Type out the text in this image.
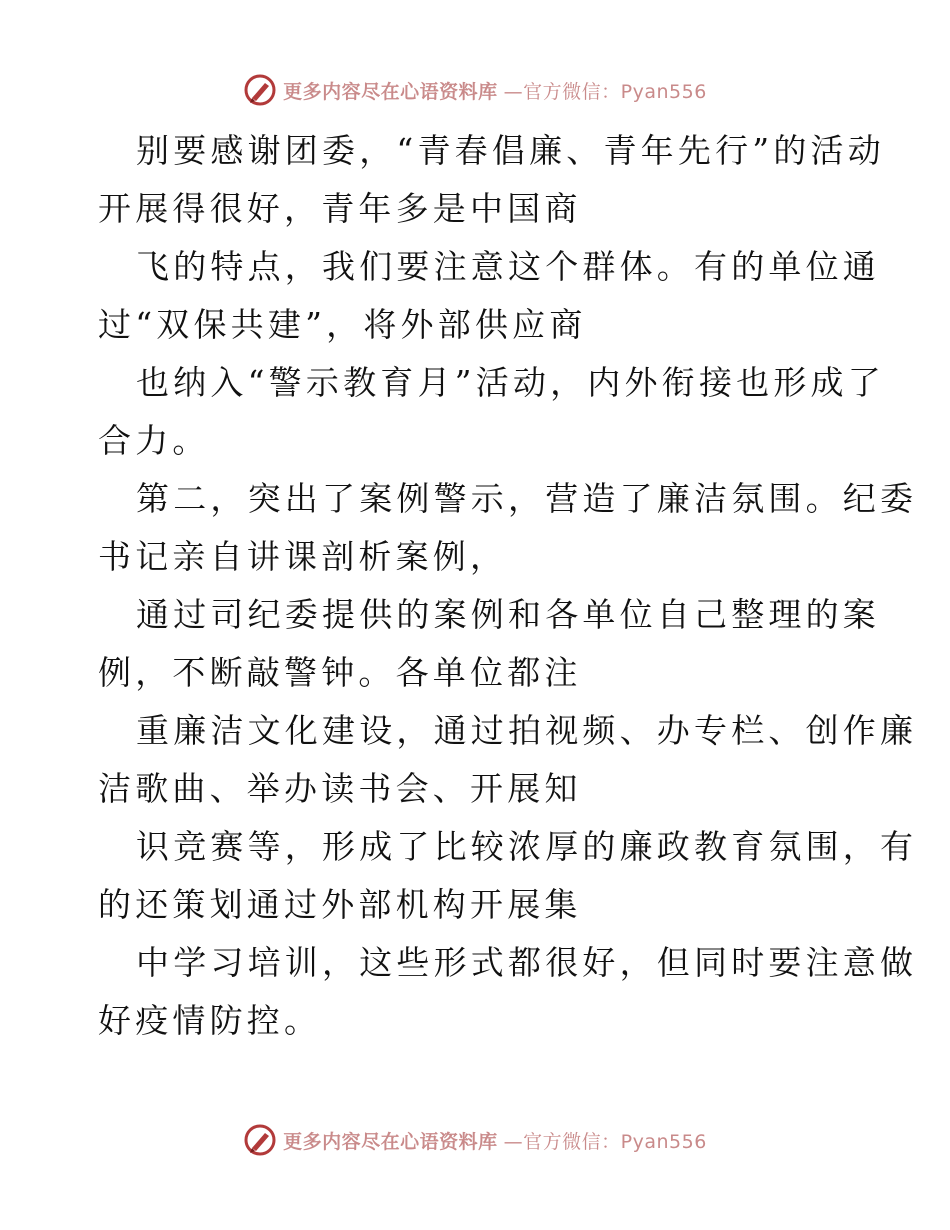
更多内容尽在心语资料库 —官方微信：Pyan556
别要感谢团委，“青春倡廉、青年先行”的活动
开展得很好，青年多是中国商
飞的特点，我们要注意这个群体。有的单位通
过“双保共建”，将外部供应商
也纳入“警示教育月”活动，内外衔接也形成了
合力。
第二，突出了案例警示，营造了廉洁氛围。纪委
书记亲自讲课剖析案例，
通过司纪委提供的案例和各单位自己整理的案
例，不断敲警钟。各单位都注
重廉洁文化建设，通过拍视频、办专栏、创作廉
洁歌曲、举办读书会、开展知
识竞赛等，形成了比较浓厚的廉政教育氛围，有
的还策划通过外部机构开展集
中学习培训，这些形式都很好，但同时要注意做
好疫情防控。
更多内容尽在心语资料库 —官方微信：Pyan556
